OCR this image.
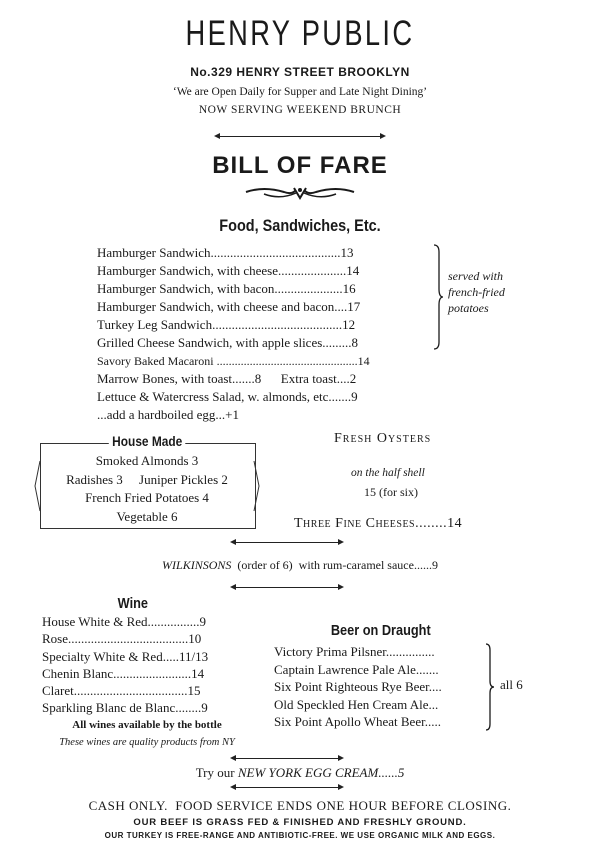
HENRY PUBLIC
No.329 HENRY STREET BROOKLYN
‘We are Open Daily for Supper and Late Night Dining’
NOW SERVING WEEKEND BRUNCH
BILL OF FARE
Food, Sandwiches, Etc.
Hamburger Sandwich........................................13
Hamburger Sandwich, with cheese.....................14
Hamburger Sandwich, with bacon.....................16
Hamburger Sandwich, with cheese and bacon....17
Turkey Leg Sandwich........................................12
Grilled Cheese Sandwich, with apple slices.........8
Savory Baked Macaroni ...............................................14
Marrow Bones, with toast.......8      Extra toast....2
Lettuce & Watercress Salad, w. almonds, etc.......9
...add a hardboiled egg...+1
served with
french-fried
potatoes
House Made
Smoked Almonds 3
Radishes 3     Juniper Pickles 2
French Fried Potatoes 4
Vegetable 6
Fresh Oysters
on the half shell
15 (for six)
Three Fine Cheeses........14
WILKINSONS  (order of 6)  with rum-caramel sauce......9
Wine
House White & Red................9
Rose.....................................10
Specialty White & Red.....11/13
Chenin Blanc........................14
Claret...................................15
Sparkling Blanc de Blanc........9
All wines available by the bottle
These wines are quality products from NY
Beer on Draught
Victory Prima Pilsner...............
Captain Lawrence Pale Ale.......
Six Point Righteous Rye Beer....
Old Speckled Hen Cream Ale...
Six Point Apollo Wheat Beer.....
all 6
Try our NEW YORK EGG CREAM......5
CASH ONLY.  FOOD SERVICE ENDS ONE HOUR BEFORE CLOSING.
OUR BEEF IS GRASS FED & FINISHED AND FRESHLY GROUND.
OUR TURKEY IS FREE-RANGE AND ANTIBIOTIC-FREE. WE USE ORGANIC MILK AND EGGS.
